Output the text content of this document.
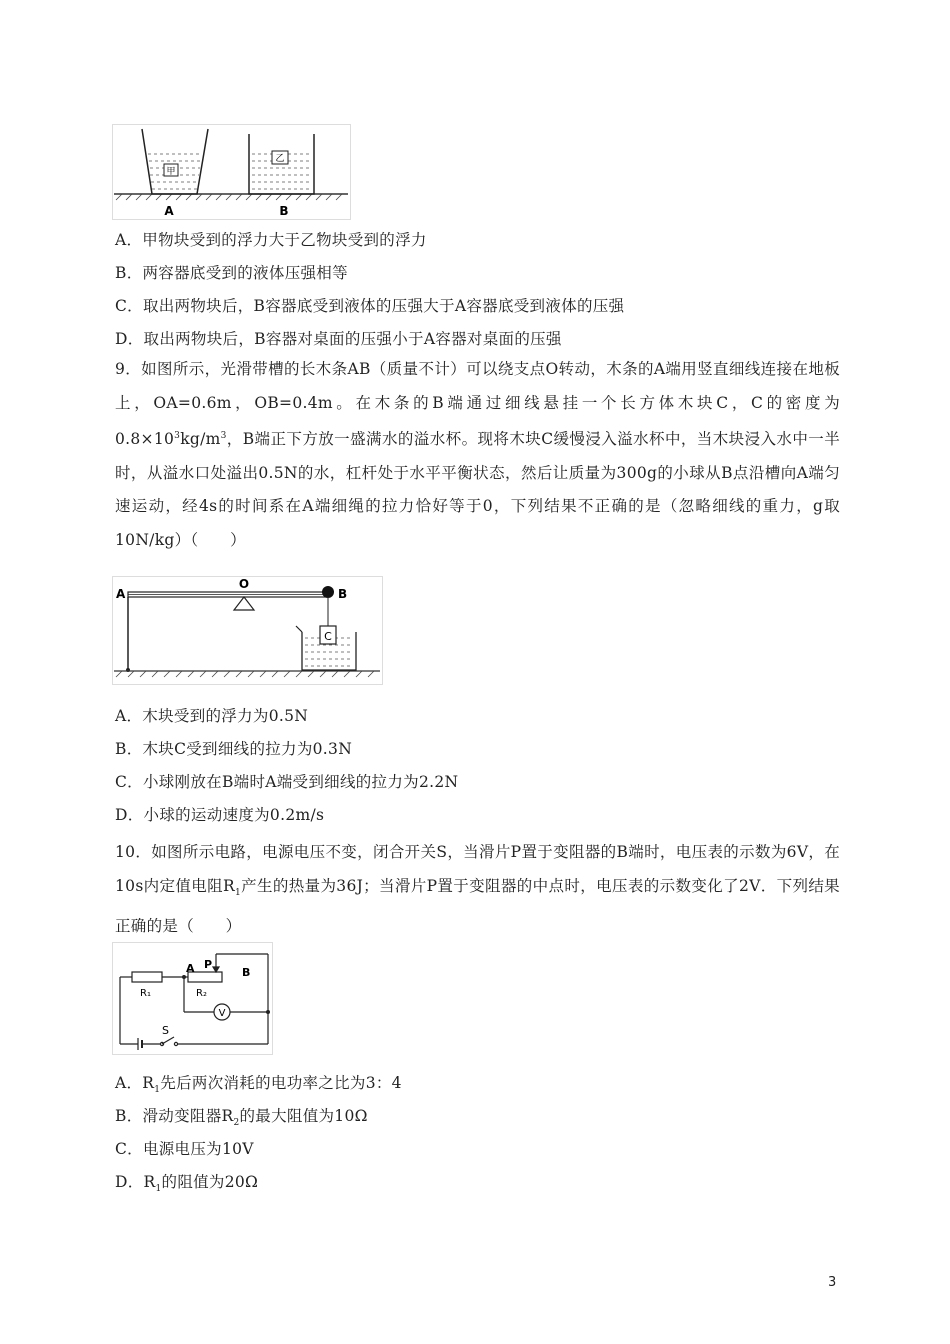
甲
乙
A	B
A．甲物块受到的浮力大于乙物块受到的浮力
B．两容器底受到的液体压强相等
C．取出两物块后，B容器底受到液体的压强大于A容器底受到液体的压强
D．取出两物块后，B容器对桌面的压强小于A容器对桌面的压强
9．如图所示，光滑带槽的长木条AB（质量不计）可以绕支点O转动，木条的A端用竖直细线连接在地板上，OA=0.6m，OB=0.4m。在木条的B端通过细线悬挂一个长方体木块C，C的密度为$0.8\times 10^3kg/m^3$，B端正下方放一盛满水的溢水杯。现将木块C缓慢浸入溢水杯中，当木块浸入水中一半时，从溢水口处溢出0.5N的水，杠杆处于水平平衡状态，然后让质量为300g的小球从B点沿槽向A端匀速运动，经4s的时间系在A端细绳的拉力恰好等于0，下列结果不正确的是（忽略细线的重力，g取10N/kg）（　　）
C
A
O
B
A．木块受到的浮力为0.5N
B．木块C受到细线的拉力为0.3N
C．小球刚放在B端时A端受到细线的拉力为2.2N
D．小球的运动速度为0.2m/s
10．如图所示电路，电源电压不变，闭合开关S，当滑片P置于变阻器的B端时，电压表的示数为6V，在10s内定值电阻$R_1$产生的热量为36J；当滑片P置于变阻器的中点时，电压表的示数变化了2V．下列结果正确的是（　　）
V
R₁	R₂
A P
B
S
A．$R_1$先后两次消耗的电功率之比为3：4
B．滑动变阻器$R_2$的最大阻值为10Ω
C．电源电压为10V
D．$R_1$的阻值为20Ω
3
